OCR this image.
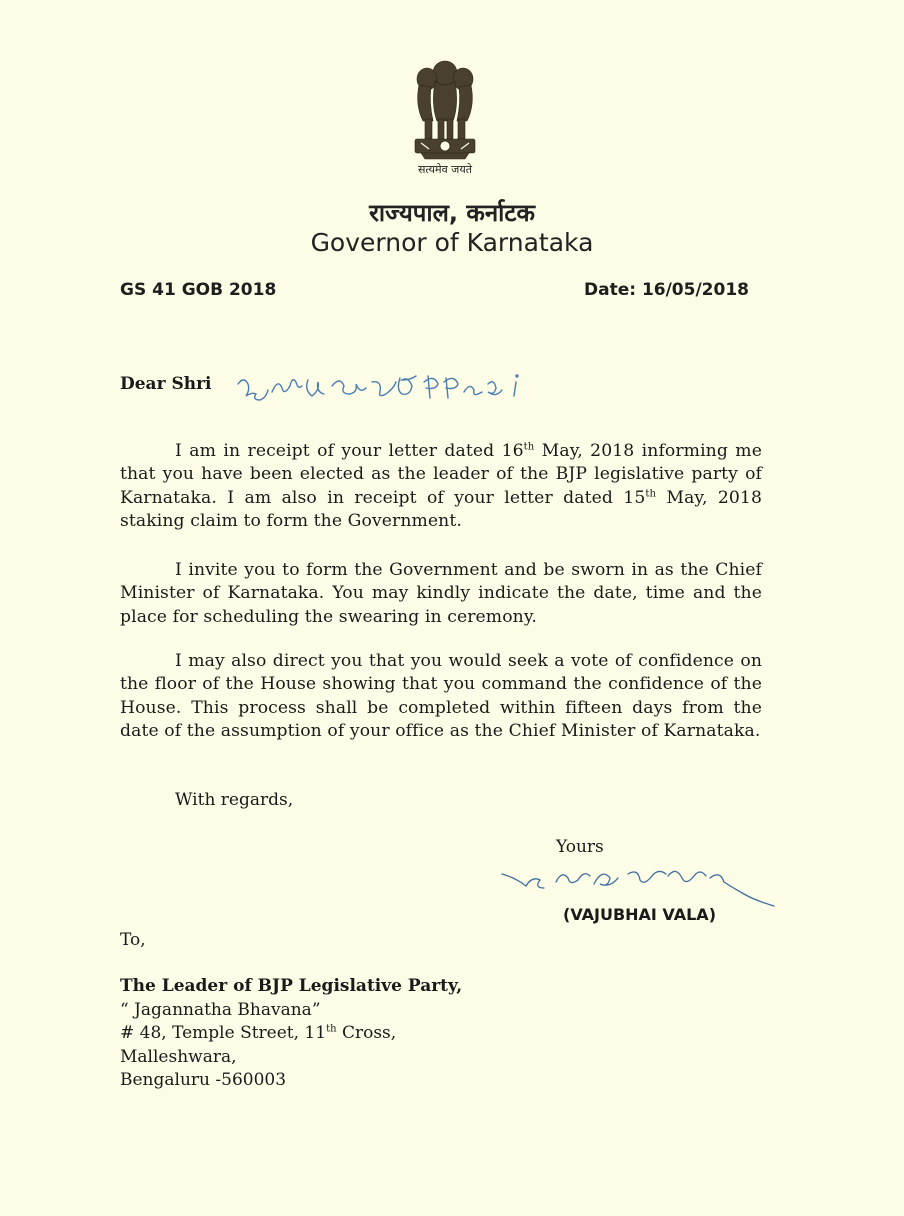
सत्यमेव जयते
राज्यपाल, कर्नाटक
Governor of Karnataka
GS 41 GOB 2018	Date: 16/05/2018
Dear Shri

I am in receipt of your letter dated 16th May, 2018 informing me that you have been elected as the leader of the BJP legislative party of Karnataka. I am also in receipt of your letter dated 15th May, 2018 staking claim to form the Government.

I invite you to form the Government and be sworn in as the Chief Minister of Karnataka. You may kindly indicate the date, time and the place for scheduling the swearing in ceremony.

I may also direct you that you would seek a vote of confidence on the floor of the House showing that you command the confidence of the House. This process shall be completed within fifteen days from the date of the assumption of your office as the Chief Minister of Karnataka.

With regards,
Yours
(VAJUBHAI VALA)
To,
The Leader of BJP Legislative Party,
“ Jagannatha Bhavana”
# 48, Temple Street, 11th Cross,
Malleshwara,
Bengaluru -560003
